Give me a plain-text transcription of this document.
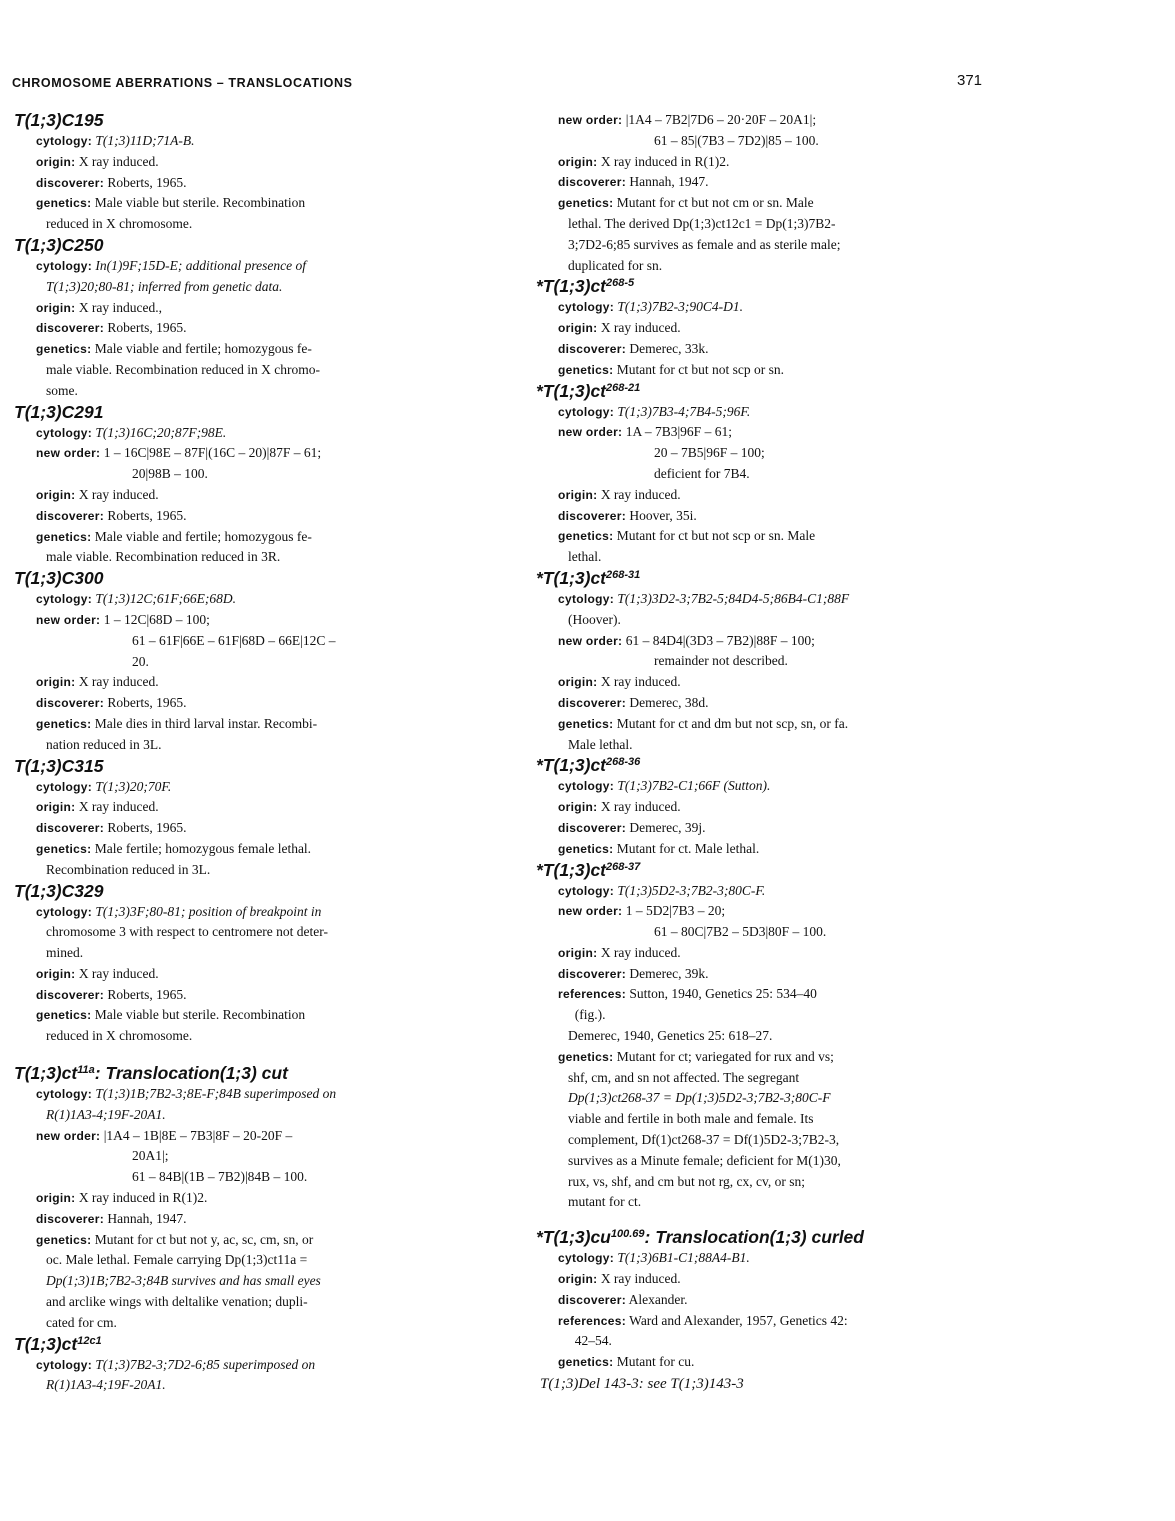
CHROMOSOME ABERRATIONS – TRANSLOCATIONS	371
T(1;3)C195
cytology: T(1;3)11D;71A-B.
origin: X ray induced.
discoverer: Roberts, 1965.
genetics: Male viable but sterile. Recombination
reduced in X chromosome.
T(1;3)C250
cytology: In(1)9F;15D-E; additional presence of
T(1;3)20;80-81; inferred from genetic data.
origin: X ray induced.,
discoverer: Roberts, 1965.
genetics: Male viable and fertile; homozygous fe-
male viable. Recombination reduced in X chromo-
some.
T(1;3)C291
cytology: T(1;3)16C;20;87F;98E.
new order: 1 – 16C|98E – 87F|(16C – 20)|87F – 61;
20|98B – 100.
origin: X ray induced.
discoverer: Roberts, 1965.
genetics: Male viable and fertile; homozygous fe-
male viable. Recombination reduced in 3R.
T(1;3)C300
cytology: T(1;3)12C;61F;66E;68D.
new order: 1 – 12C|68D – 100;
61 – 61F|66E – 61F|68D – 66E|12C –
20.
origin: X ray induced.
discoverer: Roberts, 1965.
genetics: Male dies in third larval instar. Recombi-
nation reduced in 3L.
T(1;3)C315
cytology: T(1;3)20;70F.
origin: X ray induced.
discoverer: Roberts, 1965.
genetics: Male fertile; homozygous female lethal.
Recombination reduced in 3L.
T(1;3)C329
cytology: T(1;3)3F;80-81; position of breakpoint in
chromosome 3 with respect to centromere not deter-
mined.
origin: X ray induced.
discoverer: Roberts, 1965.
genetics: Male viable but sterile. Recombination
reduced in X chromosome.
$T(1;3)ct^{11a}$: Translocation(1;3) cut
cytology: T(1;3)1B;7B2-3;8E-F;84B superimposed on
R(1)1A3-4;19F-20A1.
new order: |1A4 – 1B|8E – 7B3|8F – 20-20F –
20A1|;
61 – 84B|(1B – 7B2)|84B – 100.
origin: X ray induced in R(1)2.
discoverer: Hannah, 1947.
genetics: Mutant for ct but not y, ac, sc, cm, sn, or
oc. Male lethal. Female carrying Dp(1;3)ct11a =
Dp(1;3)1B;7B2-3;84B survives and has small eyes
and arclike wings with deltalike venation; dupli-
cated for cm.
$T(1;3)ct^{12c1}$
cytology: T(1;3)7B2-3;7D2-6;85 superimposed on
R(1)1A3-4;19F-20A1.
new order: |1A4 – 7B2|7D6 – 20·20F – 20A1|;
61 – 85|(7B3 – 7D2)|85 – 100.
origin: X ray induced in R(1)2.
discoverer: Hannah, 1947.
genetics: Mutant for ct but not cm or sn. Male
lethal. The derived Dp(1;3)ct12c1 = Dp(1;3)7B2-
3;7D2-6;85 survives as female and as sterile male;
duplicated for sn.
$*T(1;3)ct^{268-5}$
cytology: T(1;3)7B2-3;90C4-D1.
origin: X ray induced.
discoverer: Demerec, 33k.
genetics: Mutant for ct but not scp or sn.
$*T(1;3)ct^{268-21}$
cytology: T(1;3)7B3-4;7B4-5;96F.
new order: 1A – 7B3|96F – 61;
20 – 7B5|96F – 100;
deficient for 7B4.
origin: X ray induced.
discoverer: Hoover, 35i.
genetics: Mutant for ct but not scp or sn. Male
lethal.
$*T(1;3)ct^{268-31}$
cytology: T(1;3)3D2-3;7B2-5;84D4-5;86B4-C1;88F
(Hoover).
new order: 61 – 84D4|(3D3 – 7B2)|88F – 100;
remainder not described.
origin: X ray induced.
discoverer: Demerec, 38d.
genetics: Mutant for ct and dm but not scp, sn, or fa.
Male lethal.
$*T(1;3)ct^{268-36}$
cytology: T(1;3)7B2-C1;66F (Sutton).
origin: X ray induced.
discoverer: Demerec, 39j.
genetics: Mutant for ct. Male lethal.
$*T(1;3)ct^{268-37}$
cytology: T(1;3)5D2-3;7B2-3;80C-F.
new order: 1 – 5D2|7B3 – 20;
61 – 80C|7B2 – 5D3|80F – 100.
origin: X ray induced.
discoverer: Demerec, 39k.
references: Sutton, 1940, Genetics 25: 534–40
(fig.).
Demerec, 1940, Genetics 25: 618–27.
genetics: Mutant for ct; variegated for rux and vs;
shf, cm, and sn not affected. The segregant
Dp(1;3)ct268-37 = Dp(1;3)5D2-3;7B2-3;80C-F
viable and fertile in both male and female. Its
complement, Df(1)ct268-37 = Df(1)5D2-3;7B2-3,
survives as a Minute female; deficient for M(1)30,
rux, vs, shf, and cm but not rg, cx, cv, or sn;
mutant for ct.
$*T(1;3)cu^{100.69}$: Translocation(1;3) curled
cytology: T(1;3)6B1-C1;88A4-B1.
origin: X ray induced.
discoverer: Alexander.
references: Ward and Alexander, 1957, Genetics 42:
42–54.
genetics: Mutant for cu.
T(1;3)Del 143-3: see T(1;3)143-3
